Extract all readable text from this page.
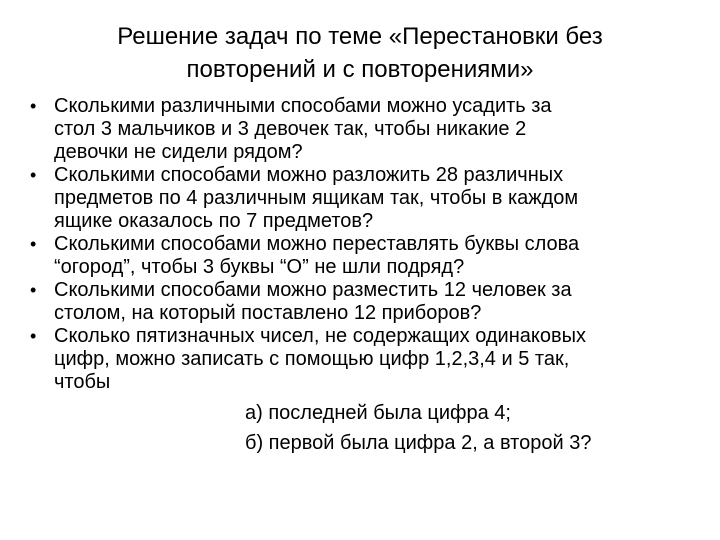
Решение задач по теме «Перестановки без
повторений и с повторениями»
• Сколькими различными способами можно усадить за
стол 3 мальчиков и 3 девочек так, чтобы никакие 2
девочки не сидели рядом?
• Сколькими способами можно разложить 28 различных
предметов по 4 различным ящикам так, чтобы в каждом
ящике оказалось по 7 предметов?
• Сколькими способами можно переставлять буквы слова
“огород”, чтобы 3 буквы “О” не шли подряд?
• Сколькими способами можно разместить 12 человек за
столом, на который поставлено 12 приборов?
• Сколько пятизначных чисел, не содержащих одинаковых
цифр, можно записать с помощью цифр 1,2,3,4 и 5 так,
чтобы
а) последней была цифра 4;
б) первой была цифра 2, а второй 3?
